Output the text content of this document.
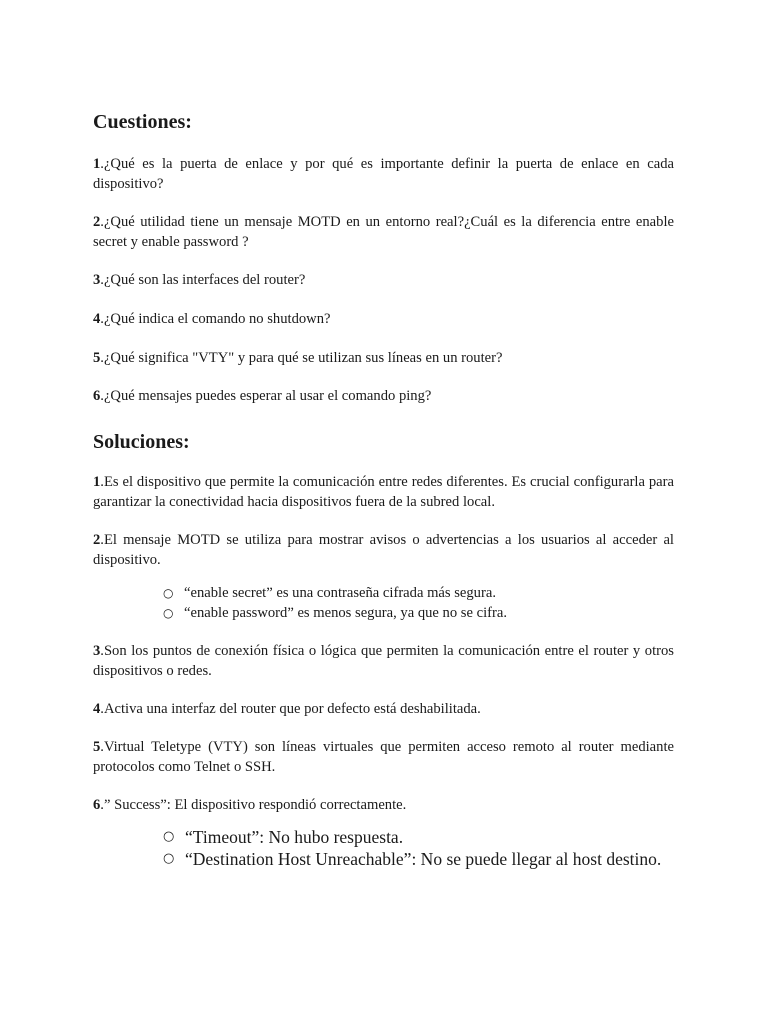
Cuestiones:

1.¿Qué es la puerta de enlace y por qué es importante definir la puerta de enlace en cada dispositivo?

2.¿Qué utilidad tiene un mensaje MOTD en un entorno real?¿Cuál es la diferencia entre enable secret y enable password ?

3.¿Qué son las interfaces del router?

4.¿Qué indica el comando no shutdown?

5.¿Qué significa "VTY" y para qué se utilizan sus líneas en un router?

6.¿Qué mensajes puedes esperar al usar el comando ping?

Soluciones:

1.Es el dispositivo que permite la comunicación entre redes diferentes. Es crucial configurarla para garantizar la conectividad hacia dispositivos fuera de la subred local.

2.El mensaje MOTD se utiliza para mostrar avisos o advertencias a los usuarios al acceder al dispositivo.

○ “enable secret” es una contraseña cifrada más segura.
○ “enable password” es menos segura, ya que no se cifra.

3.Son los puntos de conexión física o lógica que permiten la comunicación entre el router y otros dispositivos o redes.

4.Activa una interfaz del router que por defecto está deshabilitada.

5.Virtual Teletype (VTY) son líneas virtuales que permiten acceso remoto al router mediante protocolos como Telnet o SSH.

6.” Success”: El dispositivo respondió correctamente.

○ “Timeout”: No hubo respuesta.
○ “Destination Host Unreachable”: No se puede llegar al host destino.
